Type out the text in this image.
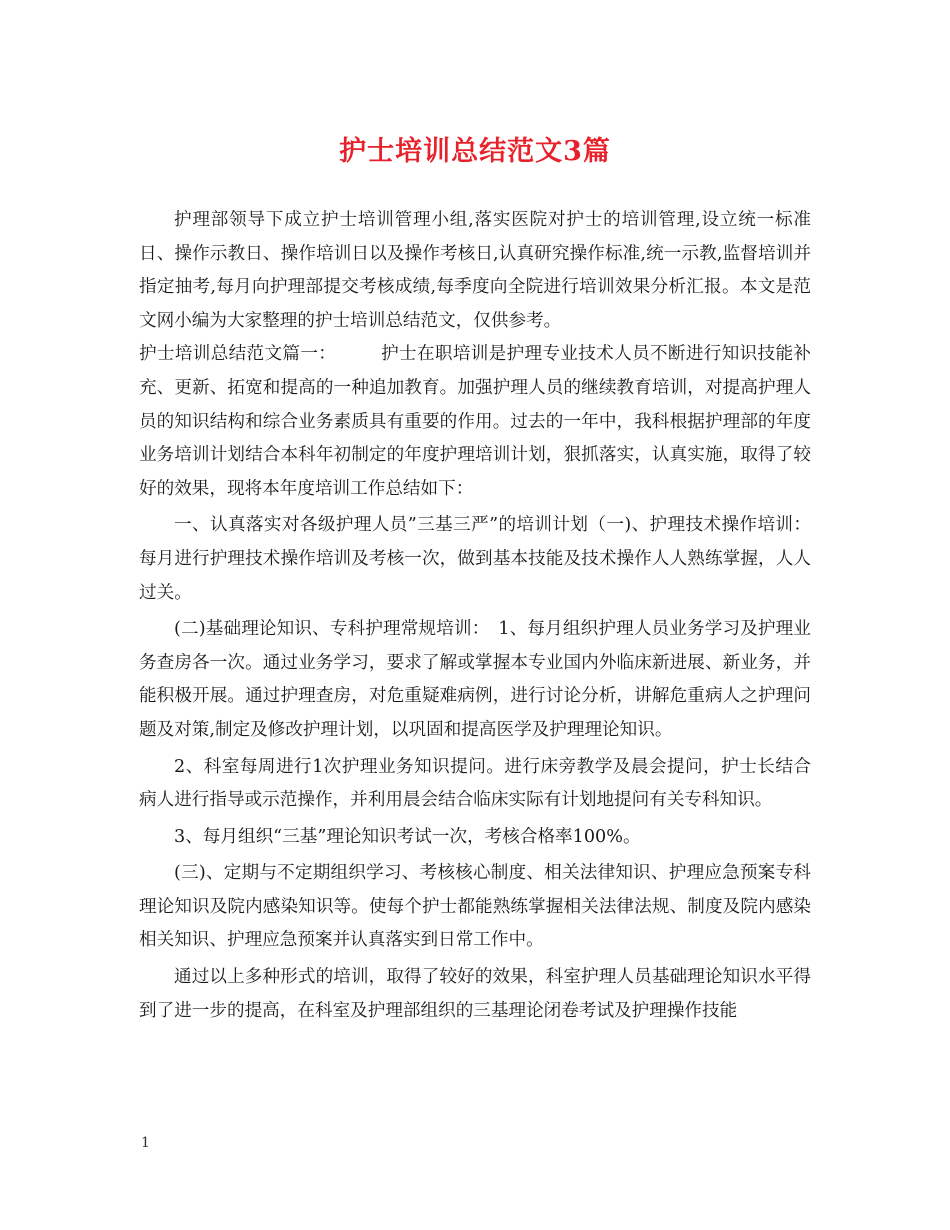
护士培训总结范文3篇

护理部领导下成立护士培训管理小组,落实医院对护士的培训管理,设立统一标准日、操作示教日、操作培训日以及操作考核日,认真研究操作标准,统一示教,监督培训并指定抽考,每月向护理部提交考核成绩,每季度向全院进行培训效果分析汇报。本文是范文网小编为大家整理的护士培训总结范文，仅供参考。

护士培训总结范文篇一：　　　护士在职培训是护理专业技术人员不断进行知识技能补充、更新、拓宽和提高的一种追加教育。加强护理人员的继续教育培训，对提高护理人员的知识结构和综合业务素质具有重要的作用。过去的一年中，我科根据护理部的年度业务培训计划结合本科年初制定的年度护理培训计划，狠抓落实，认真实施，取得了较好的效果，现将本年度培训工作总结如下：

一、认真落实对各级护理人员”三基三严”的培训计划（一)、护理技术操作培训：每月进行护理技术操作培训及考核一次，做到基本技能及技术操作人人熟练掌握，人人过关。

(二)基础理论知识、专科护理常规培训：　1、每月组织护理人员业务学习及护理业务查房各一次。通过业务学习，要求了解或掌握本专业国内外临床新进展、新业务，并能积极开展。通过护理查房，对危重疑难病例，进行讨论分析，讲解危重病人之护理问题及对策,制定及修改护理计划，以巩固和提高医学及护理理论知识。

2、科室每周进行1次护理业务知识提问。进行床旁教学及晨会提问，护士长结合病人进行指导或示范操作，并利用晨会结合临床实际有计划地提问有关专科知识。

3、每月组织“三基”理论知识考试一次，考核合格率100%。

(三)、定期与不定期组织学习、考核核心制度、相关法律知识、护理应急预案专科理论知识及院内感染知识等。使每个护士都能熟练掌握相关法律法规、制度及院内感染相关知识、护理应急预案并认真落实到日常工作中。

通过以上多种形式的培训，取得了较好的效果，科室护理人员基础理论知识水平得到了进一步的提高，在科室及护理部组织的三基理论闭卷考试及护理操作技能

1
